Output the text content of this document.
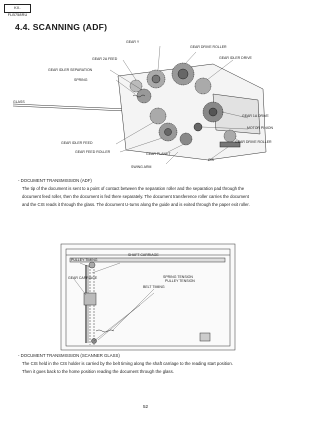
KX-FLB758RU
4.4. SCANNING (ADF)
GEAR Y
GEAR DRIVE ROLLER
GEAR 2A FEED	GEAR IDLER DRIVE
GEAR IDLER SEPARATION
SPRING
GLASS
GEAR 1A DRIVE
MOTOR PINION
GEAR IDLER FEED	GEAR DRIVE ROLLER
GEAR FEED ROLLER	GEAR PLANET
CIS
SWING ARM
- DOCUMENT TRANSMISSION (ADF)
The tip of the document is sent to a point of contact between the separation roller and the separation pad through the
document feed roller, then the document is fed there separately. The document transference roller carries the document
and the CIS reads it through the glass. The document U-turns along the guide and is exited through the paper exit roller.
SHAFT CARRIAGE
PULLEY TIMING
GEAR CARRIAGE	SPRING TENSION
PULLEY TENSION
BELT TIMING
- DOCUMENT TRANSMISSION (SCANNER GLASS)
The CIS held in the CIS holder is carried by the belt timing along the shaft carriage to the reading start position.
Then it goes back to the home position reading the document through the glass.
52
